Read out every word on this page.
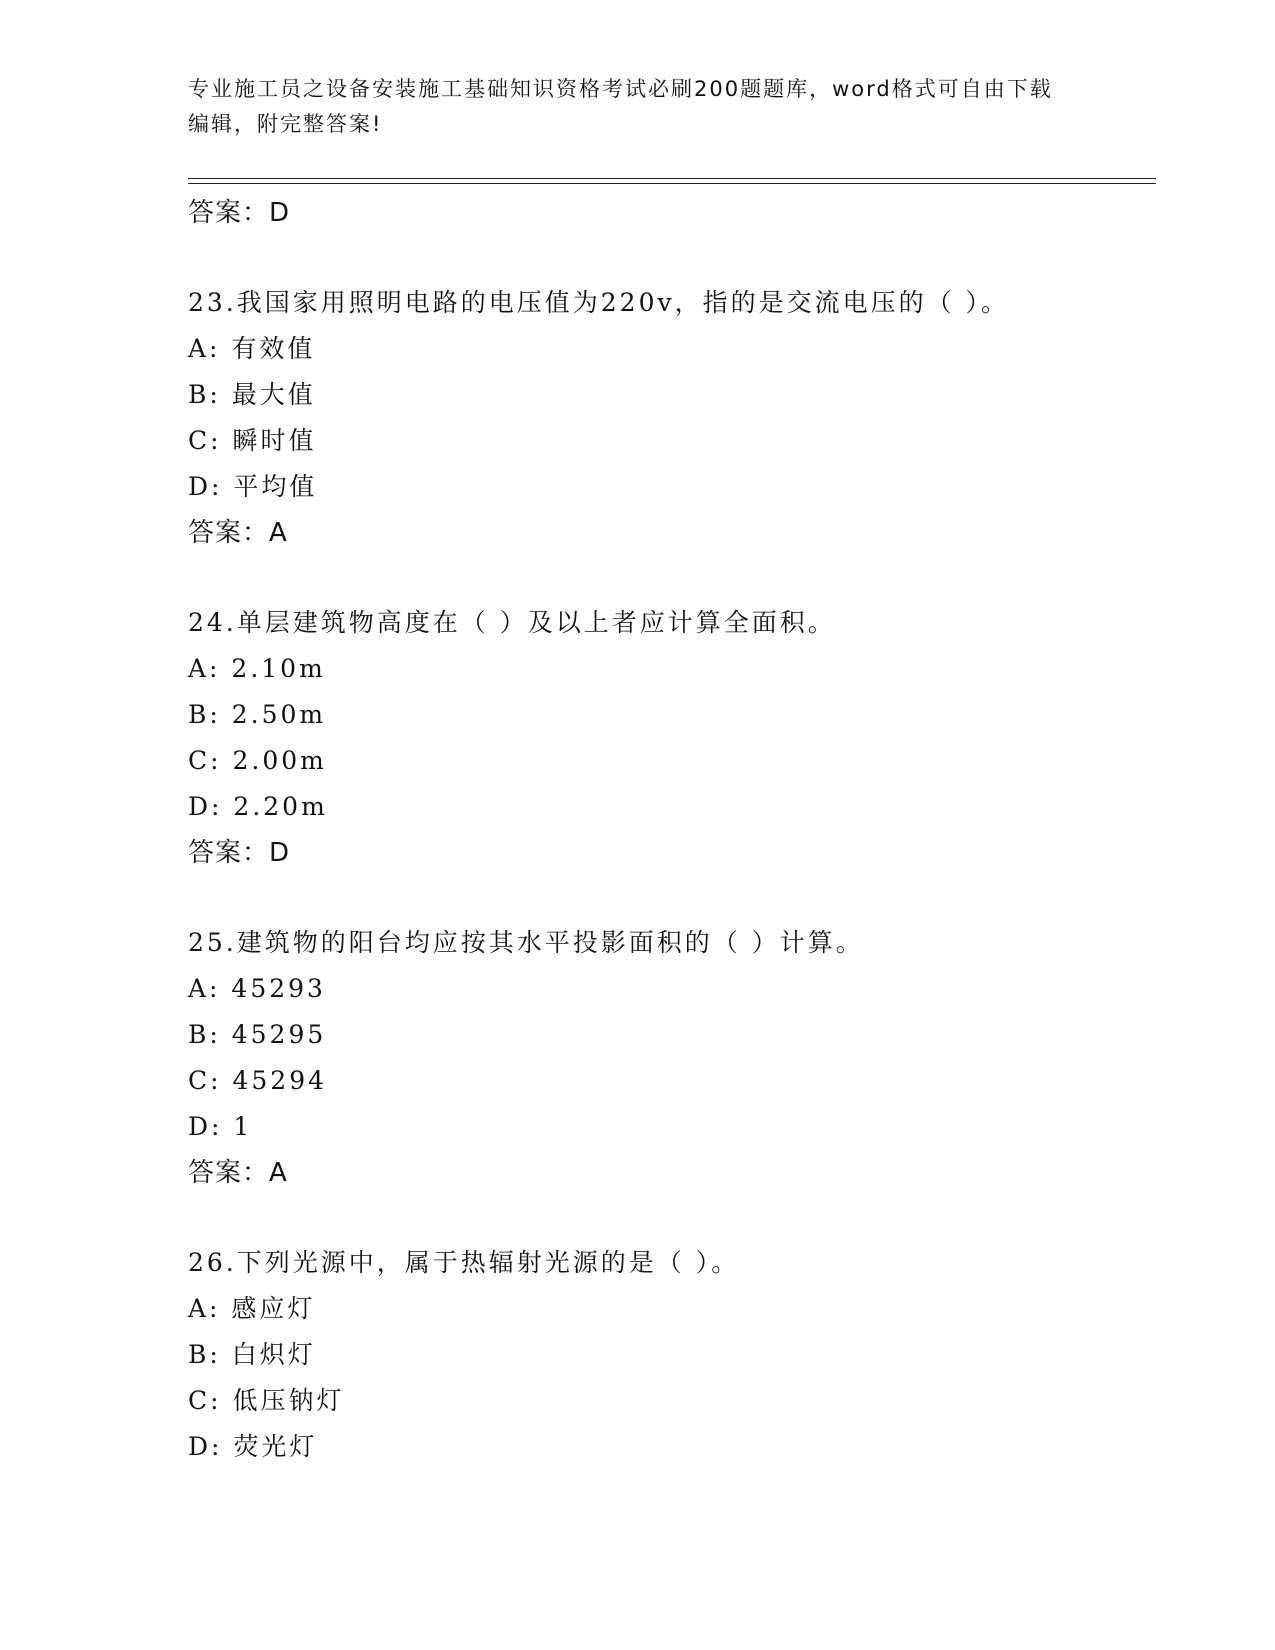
专业施工员之设备安装施工基础知识资格考试必刷200题题库，word格式可自由下载编辑，附完整答案!
答案：D
23.我国家用照明电路的电压值为220v，指的是交流电压的（ ）。
A: 有效值
B: 最大值
C: 瞬时值
D: 平均值
答案：A
24.单层建筑物高度在（ ）及以上者应计算全面积。
A: 2.10m
B: 2.50m
C: 2.00m
D: 2.20m
答案：D
25.建筑物的阳台均应按其水平投影面积的（ ）计算。
A: 45293
B: 45295
C: 45294
D: 1
答案：A
26.下列光源中，属于热辐射光源的是（ ）。
A: 感应灯
B: 白炽灯
C: 低压钠灯
D: 荧光灯
